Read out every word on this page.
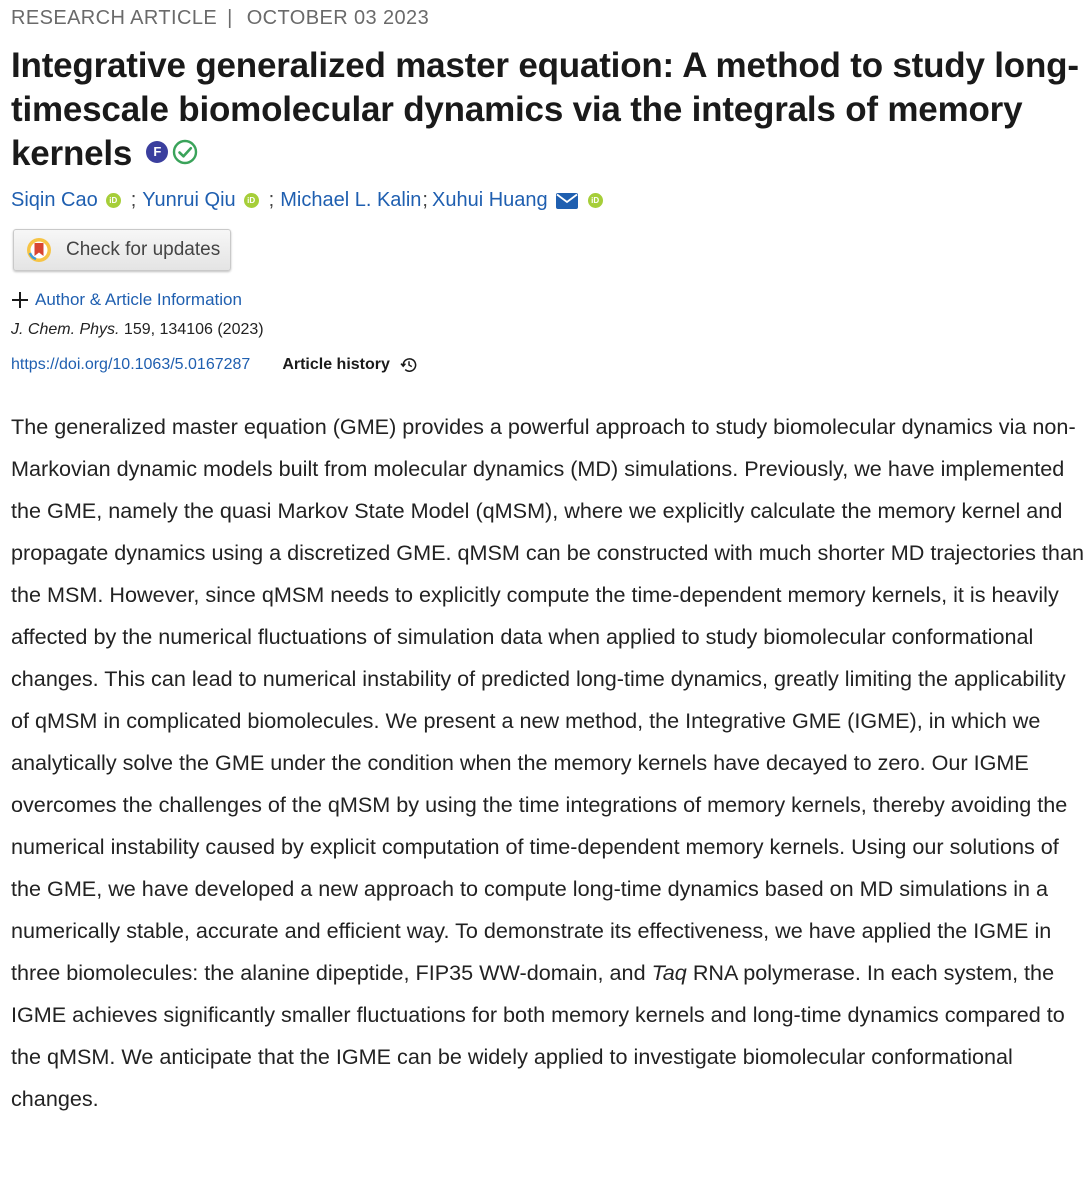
RESEARCH ARTICLE | OCTOBER 03 2023
Integrative generalized master equation: A method to study long-timescale biomolecular dynamics via the integrals of memory kernels F
Siqin Cao iD ; Yunrui Qiu iD ; Michael L. Kalin ; Xuhui Huang	iD
Check for updates
Author & Article Information
J. Chem. Phys. 159, 134106 (2023)
https://doi.org/10.1063/5.0167287 Article history

The generalized master equation (GME) provides a powerful approach to study biomolecular dynamics via non-Markovian dynamic models built from molecular dynamics (MD) simulations. Previously, we have implemented the GME, namely the quasi Markov State Model (qMSM), where we explicitly calculate the memory kernel and propagate dynamics using a discretized GME. qMSM can be constructed with much shorter MD trajectories than the MSM. However, since qMSM needs to explicitly compute the time-dependent memory kernels, it is heavily affected by the numerical fluctuations of simulation data when applied to study biomolecular conformational changes. This can lead to numerical instability of predicted long-time dynamics, greatly limiting the applicability of qMSM in complicated biomolecules. We present a new method, the Integrative GME (IGME), in which we analytically solve the GME under the condition when the memory kernels have decayed to zero. Our IGME overcomes the challenges of the qMSM by using the time integrations of memory kernels, thereby avoiding the numerical instability caused by explicit computation of time-dependent memory kernels. Using our solutions of the GME, we have developed a new approach to compute long-time dynamics based on MD simulations in a numerically stable, accurate and efficient way. To demonstrate its effectiveness, we have applied the IGME in three biomolecules: the alanine dipeptide, FIP35 WW-domain, and Taq RNA polymerase. In each system, the IGME achieves significantly smaller fluctuations for both memory kernels and long-time dynamics compared to the qMSM. We anticipate that the IGME can be widely applied to investigate biomolecular conformational changes.
